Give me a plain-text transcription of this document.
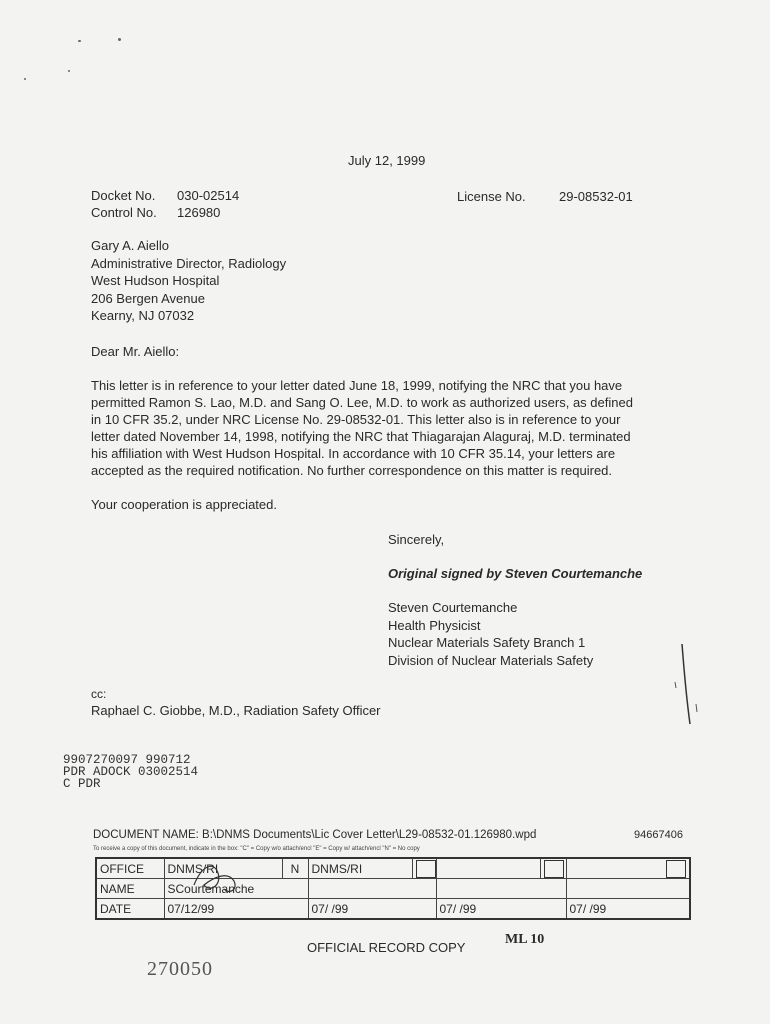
July 12, 1999
Docket No. 030-02514
Control No. 126980
License No.	29-08532-01
Gary A. Aiello
Administrative Director, Radiology
West Hudson Hospital
206 Bergen Avenue
Kearny, NJ 07032
Dear Mr. Aiello:
This letter is in reference to your letter dated June 18, 1999, notifying the NRC that you have
permitted Ramon S. Lao, M.D. and Sang O. Lee, M.D. to work as authorized users, as defined
in 10 CFR 35.2, under NRC License No. 29-08532-01. This letter also is in reference to your
letter dated November 14, 1998, notifying the NRC that Thiagarajan Alaguraj, M.D. terminated
his affiliation with West Hudson Hospital. In accordance with 10 CFR 35.14, your letters are
accepted as the required notification. No further correspondence on this matter is required.
Your cooperation is appreciated.
Sincerely,
Original signed by Steven Courtemanche
Steven Courtemanche
Health Physicist
Nuclear Materials Safety Branch 1
Division of Nuclear Materials Safety
cc:
Raphael C. Giobbe, M.D., Radiation Safety Officer
9907270097 990712
PDR ADOCK 03002514
C PDR
DOCUMENT NAME: B:\DNMS Documents\Lic Cover Letter\L29-08532-01.126980.wpd	94667406
To receive a copy of this document, indicate in the box: "C" = Copy w/o attach/encl "E" = Copy w/ attach/encl "N" = No copy
OFFICE	DNMS/RI	N	DNMS/RI				
NAME	SCourtemanche						
DATE	07/12/99		07/ /99		07/ /99		07/ /99
OFFICIAL RECORD COPY
ML 10
270050
